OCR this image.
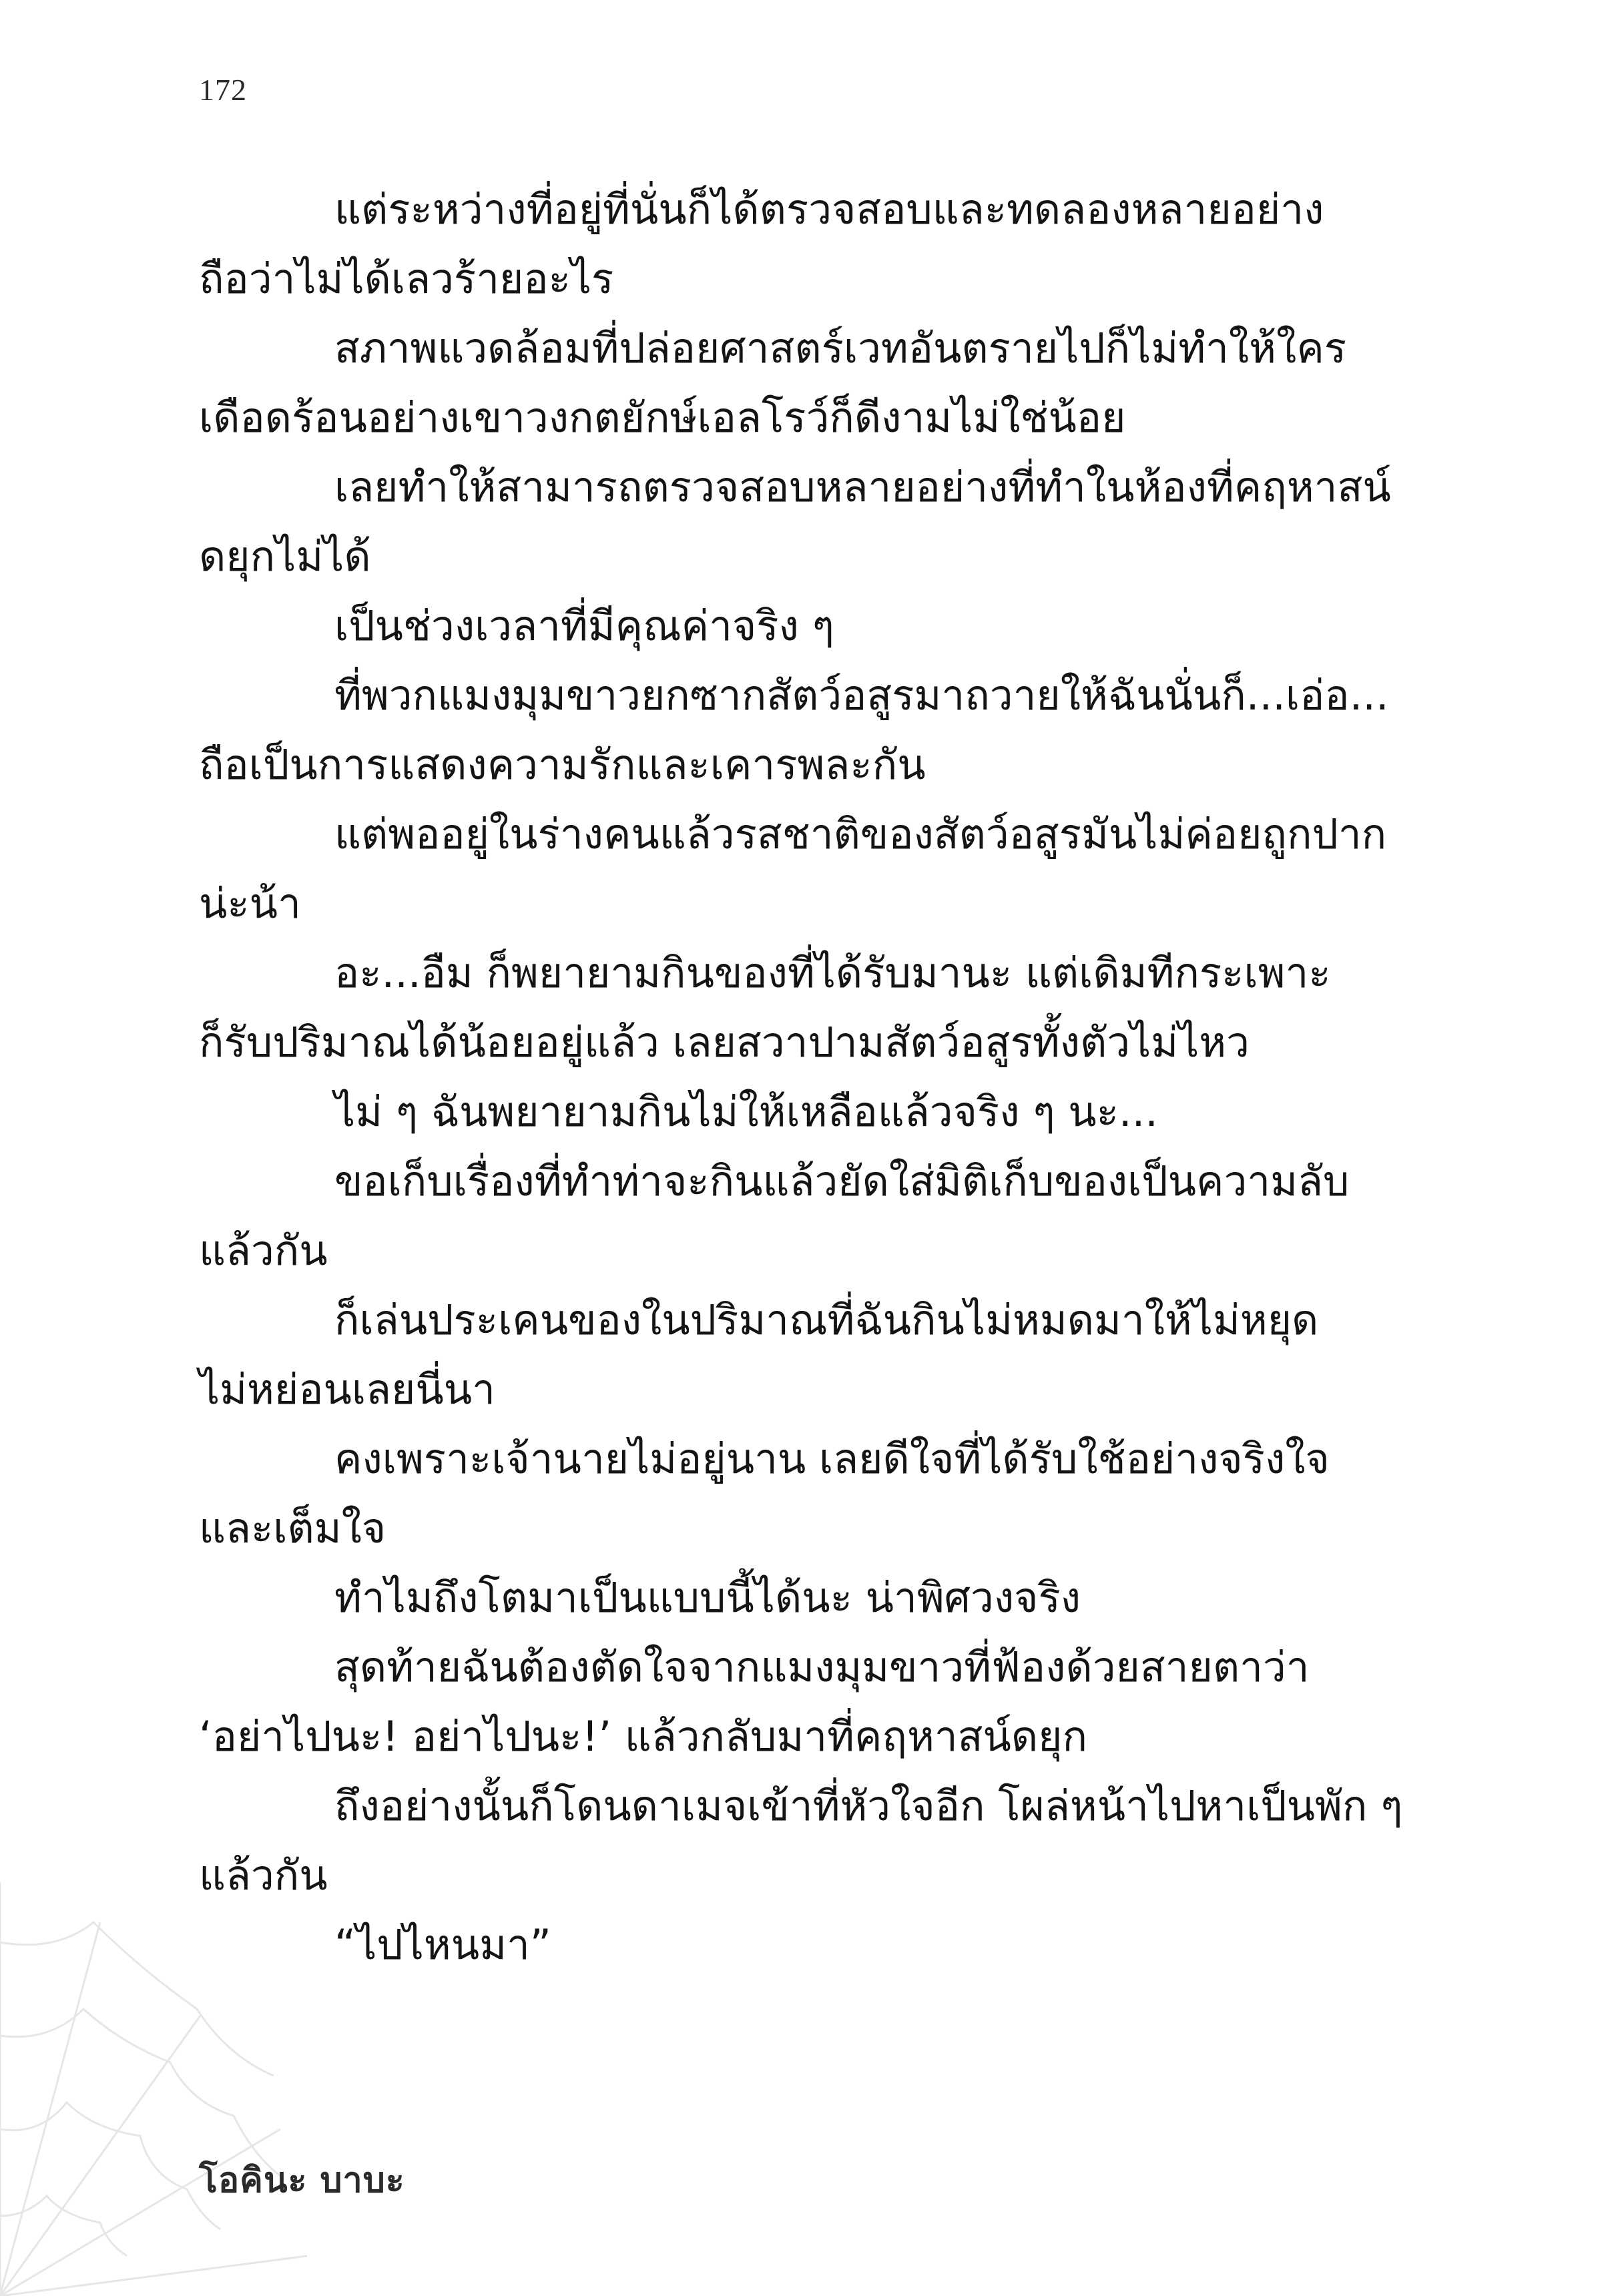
172
แต่ระหว่างที่อยู่ที่นั่นก็ได้ตรวจสอบและทดลองหลายอย่าง
ถือว่าไม่ได้เลวร้ายอะไร
สภาพแวดล้อมที่ปล่อยศาสตร์เวทอันตรายไปก็ไม่ทำให้ใคร
เดือดร้อนอย่างเขาวงกตยักษ์เอลโรว์ก็ดีงามไม่ใช่น้อย
เลยทำให้สามารถตรวจสอบหลายอย่างที่ทำในห้องที่คฤหาสน์
ดยุกไม่ได้
เป็นช่วงเวลาที่มีคุณค่าจริง ๆ
ที่พวกแมงมุมขาวยกซากสัตว์อสูรมาถวายให้ฉันนั่นก็...เอ่อ...
ถือเป็นการแสดงความรักและเคารพละกัน
แต่พออยู่ในร่างคนแล้วรสชาติของสัตว์อสูรมันไม่ค่อยถูกปาก
น่ะน้า
อะ...อืม ก็พยายามกินของที่ได้รับมานะ แต่เดิมทีกระเพาะ
ก็รับปริมาณได้น้อยอยู่แล้ว เลยสวาปามสัตว์อสูรทั้งตัวไม่ไหว
ไม่ ๆ ฉันพยายามกินไม่ให้เหลือแล้วจริง ๆ นะ...
ขอเก็บเรื่องที่ทำท่าจะกินแล้วยัดใส่มิติเก็บของเป็นความลับ
แล้วกัน
ก็เล่นประเคนของในปริมาณที่ฉันกินไม่หมดมาให้ไม่หยุด
ไม่หย่อนเลยนี่นา
คงเพราะเจ้านายไม่อยู่นาน เลยดีใจที่ได้รับใช้อย่างจริงใจ
และเต็มใจ
ทำไมถึงโตมาเป็นแบบนี้ได้นะ น่าพิศวงจริง
สุดท้ายฉันต้องตัดใจจากแมงมุมขาวที่ฟ้องด้วยสายตาว่า
‘อย่าไปนะ! อย่าไปนะ!’ แล้วกลับมาที่คฤหาสน์ดยุก
ถึงอย่างนั้นก็โดนดาเมจเข้าที่หัวใจอีก โผล่หน้าไปหาเป็นพัก ๆ
แล้วกัน
“ไปไหนมา”
โอคินะ บาบะ
